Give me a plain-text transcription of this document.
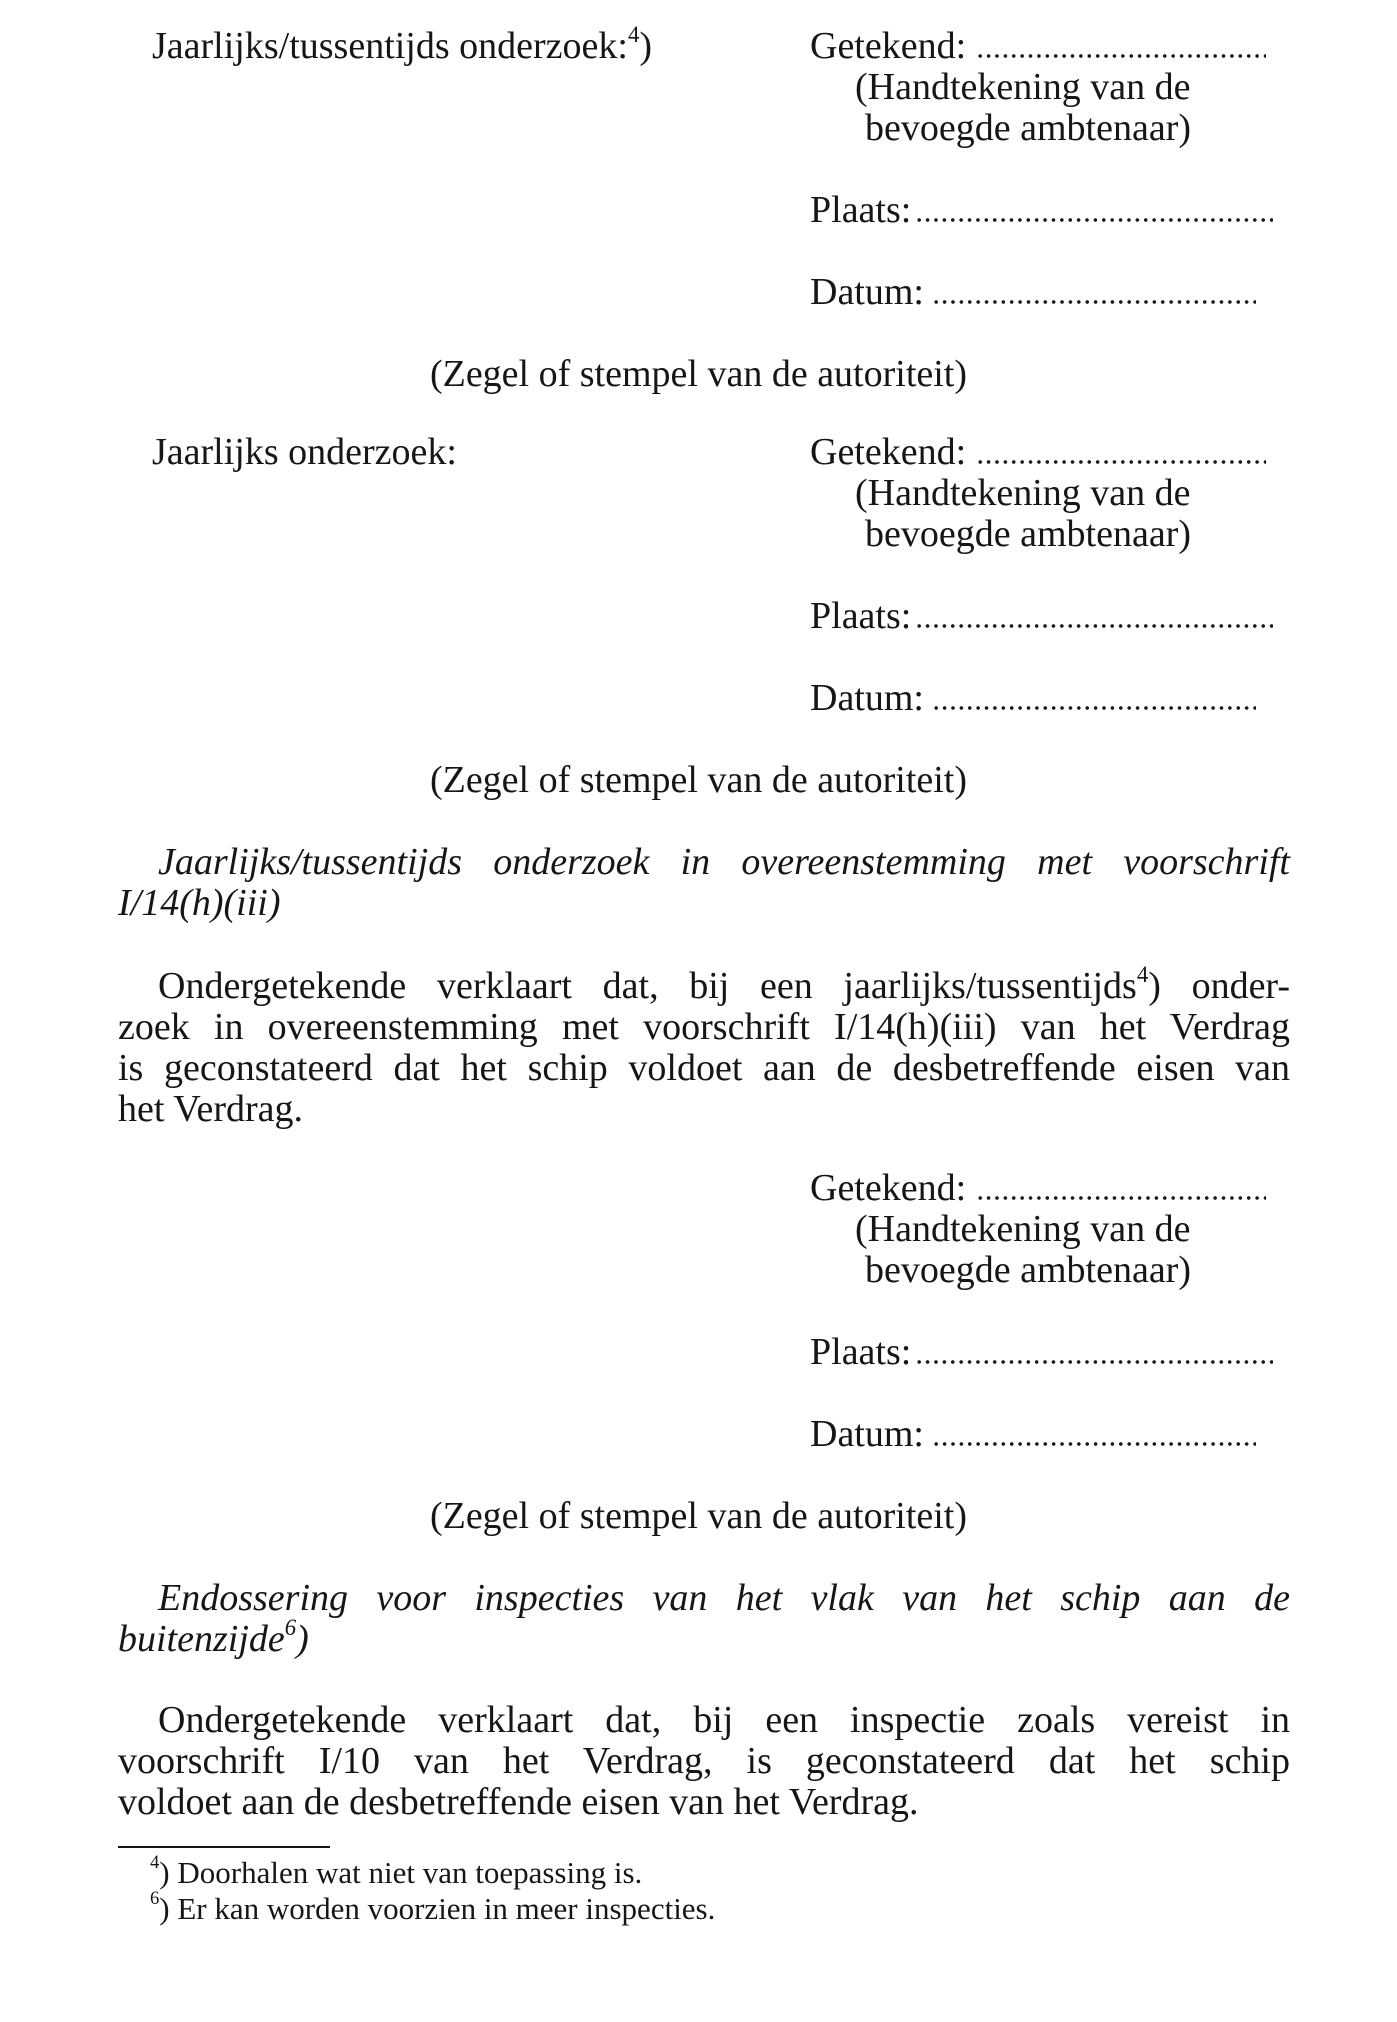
Jaarlijks/tussentijds onderzoek:$^4$)	Getekend:
(Handtekening van de
bevoegde ambtenaar)
Plaats:
Datum:
(Zegel of stempel van de autoriteit)
Jaarlijks onderzoek:	Getekend:
(Handtekening van de
bevoegde ambtenaar)
Plaats:
Datum:
(Zegel of stempel van de autoriteit)
Jaarlijks/tussentijds onderzoek in overeenstemming met voorschrift
I/14(h)(iii)
Ondergetekende verklaart dat, bij een jaarlijks/tussentijds$^4$) onder-
zoek in overeenstemming met voorschrift I/14(h)(iii) van het Verdrag
is geconstateerd dat het schip voldoet aan de desbetreffende eisen van
het Verdrag.
Getekend:
(Handtekening van de
bevoegde ambtenaar)
Plaats:
Datum:
(Zegel of stempel van de autoriteit)
Endossering voor inspecties van het vlak van het schip aan de
buitenzijde$^6$)
Ondergetekende verklaart dat, bij een inspectie zoals vereist in
voorschrift I/10 van het Verdrag, is geconstateerd dat het schip
voldoet aan de desbetreffende eisen van het Verdrag.
$^4$) Doorhalen wat niet van toepassing is.
$^6$) Er kan worden voorzien in meer inspecties.
